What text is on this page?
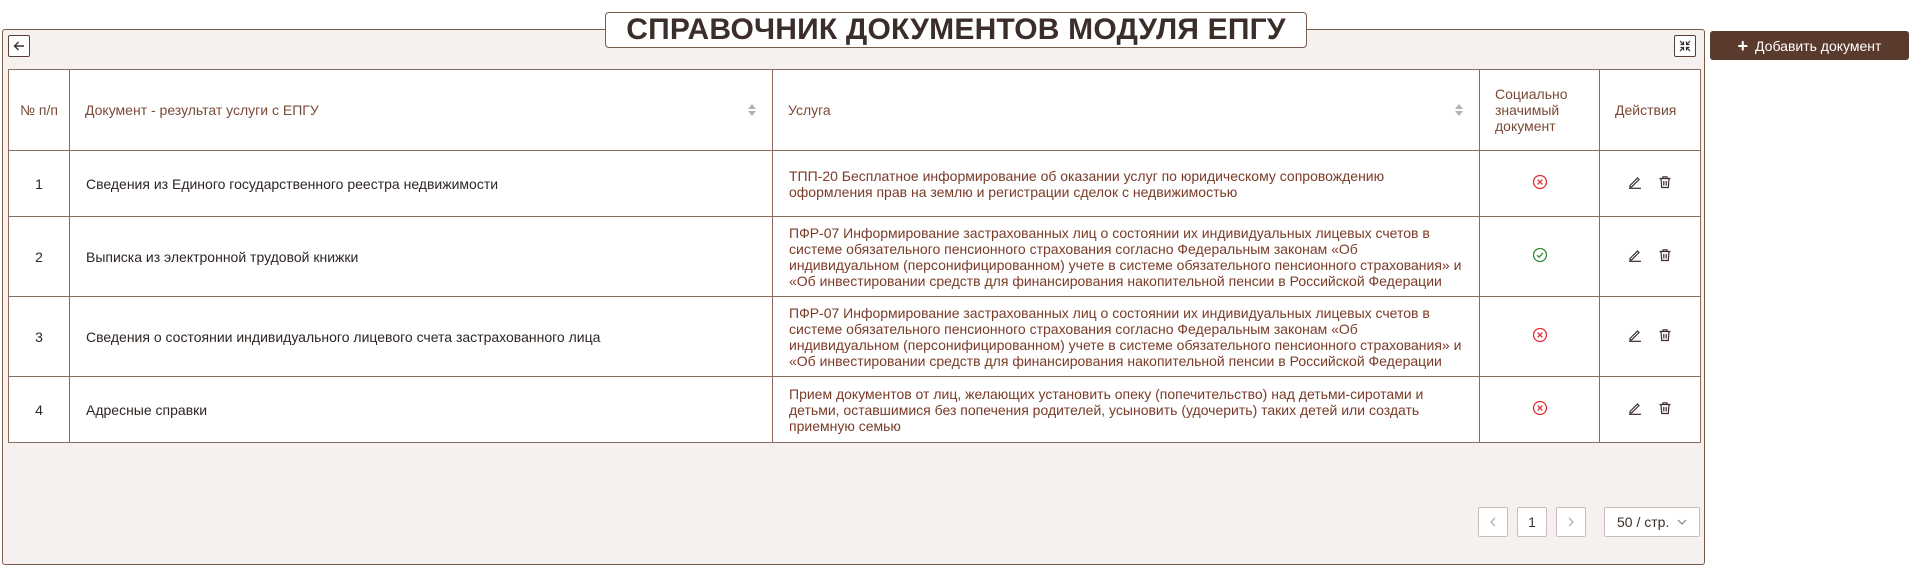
СПРАВОЧНИК ДОКУМЕНТОВ МОДУЛЯ ЕПГУ	+ Добавить документ
№ п/п	Документ - результат услуги с ЕПГУ	Услуга	Социально значимый документ	Действия
1	Сведения из Единого государственного реестра недвижимости	ТПП-20 Бесплатное информирование об оказании услуг по юридическому сопровождению оформления прав на землю и регистрации сделок с недвижимостью		

2	Выписка из электронной трудовой книжки	ПФР-07 Информирование застрахованных лиц о состоянии их индивидуальных лицевых счетов в системе обязательного пенсионного страхования согласно Федеральным законам «Об индивидуальном (персонифицированном) учете в системе обязательного пенсионного страхования» и «Об инвестировании средств для финансирования накопительной пенсии в Российской Федерации		

3	Сведения о состоянии индивидуального лицевого счета застрахованного лица	ПФР-07 Информирование застрахованных лиц о состоянии их индивидуальных лицевых счетов в системе обязательного пенсионного страхования согласно Федеральным законам «Об индивидуальном (персонифицированном) учете в системе обязательного пенсионного страхования» и «Об инвестировании средств для финансирования накопительной пенсии в Российской Федерации		

4	Адресные справки	Прием документов от лиц, желающих установить опеку (попечительство) над детьми-сиротами и детьми, оставшимися без попечения родителей, усыновить (удочерить) таких детей или создать приемную семью		
1	50 / стр.
